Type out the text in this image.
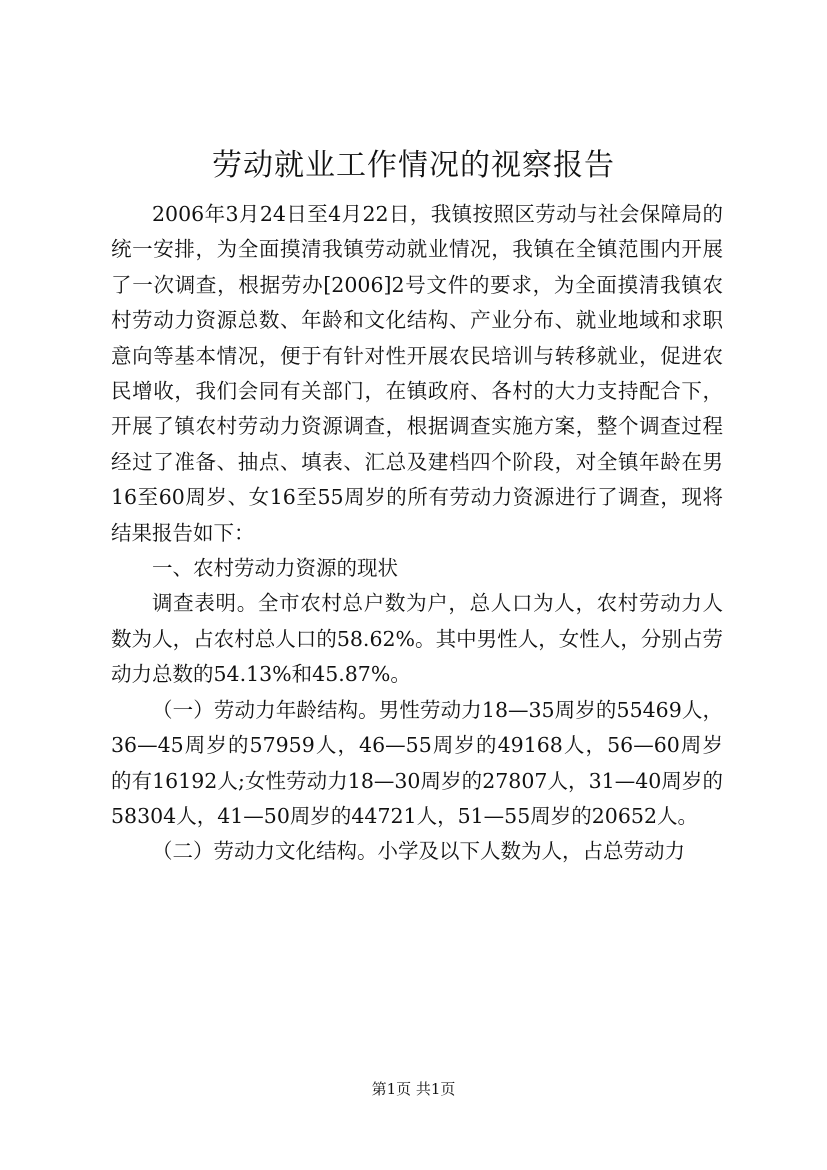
劳动就业工作情况的视察报告

2006年3月24日至4月22日，我镇按照区劳动与社会保障局的统一安排，为全面摸清我镇劳动就业情况，我镇在全镇范围内开展了一次调查，根据劳办[2006]2号文件的要求，为全面摸清我镇农村劳动力资源总数、年龄和文化结构、产业分布、就业地域和求职意向等基本情况，便于有针对性开展农民培训与转移就业，促进农民增收，我们会同有关部门，在镇政府、各村的大力支持配合下，开展了镇农村劳动力资源调查，根据调查实施方案，整个调查过程经过了准备、抽点、填表、汇总及建档四个阶段，对全镇年龄在男16至60周岁、女16至55周岁的所有劳动力资源进行了调查，现将结果报告如下：

一、农村劳动力资源的现状

调查表明。全市农村总户数为户，总人口为人，农村劳动力人数为人，占农村总人口的58.62%。其中男性人，女性人，分别占劳动力总数的54.13%和45.87%。

（一）劳动力年龄结构。男性劳动力18—35周岁的55469人，36—45周岁的57959人，46—55周岁的49168人，56—60周岁的有16192人;女性劳动力18—30周岁的27807人，31—40周岁的58304人，41—50周岁的44721人，51—55周岁的20652人。

（二）劳动力文化结构。小学及以下人数为人，占总劳动力

第1页 共1页
